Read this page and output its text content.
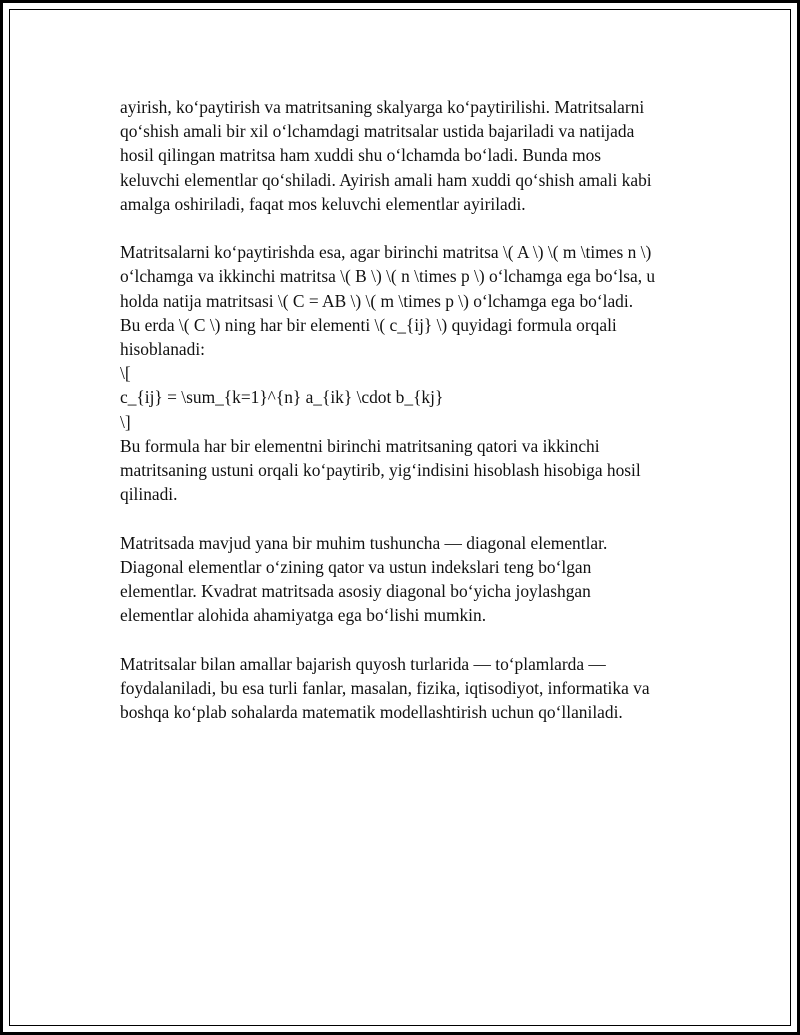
ayirish, ko‘paytirish va matritsaning skalyarga ko‘paytirilishi. Matritsalarni
qo‘shish amali bir xil o‘lchamdagi matritsalar ustida bajariladi va natijada
hosil qilingan matritsa ham xuddi shu o‘lchamda bo‘ladi. Bunda mos
keluvchi elementlar qo‘shiladi. Ayirish amali ham xuddi qo‘shish amali kabi
amalga oshiriladi, faqat mos keluvchi elementlar ayiriladi.

Matritsalarni ko‘paytirishda esa, agar birinchi matritsa \( A \) \( m \times n \)
o‘lchamga va ikkinchi matritsa \( B \) \( n \times p \) o‘lchamga ega bo‘lsa, u
holda natija matritsasi \( C = AB \) \( m \times p \) o‘lchamga ega bo‘ladi.
Bu erda \( C \) ning har bir elementi \( c_{ij} \) quyidagi formula orqali
hisoblanadi:
\[
c_{ij} = \sum_{k=1}^{n} a_{ik} \cdot b_{kj}
\]
Bu formula har bir elementni birinchi matritsaning qatori va ikkinchi
matritsaning ustuni orqali ko‘paytirib, yig‘indisini hisoblash hisobiga hosil
qilinadi.

Matritsada mavjud yana bir muhim tushuncha — diagonal elementlar.
Diagonal elementlar o‘zining qator va ustun indekslari teng bo‘lgan
elementlar. Kvadrat matritsada asosiy diagonal bo‘yicha joylashgan
elementlar alohida ahamiyatga ega bo‘lishi mumkin.

Matritsalar bilan amallar bajarish quyosh turlarida — to‘plamlarda —
foydalaniladi, bu esa turli fanlar, masalan, fizika, iqtisodiyot, informatika va
boshqa ko‘plab sohalarda matematik modellashtirish uchun qo‘llaniladi.
